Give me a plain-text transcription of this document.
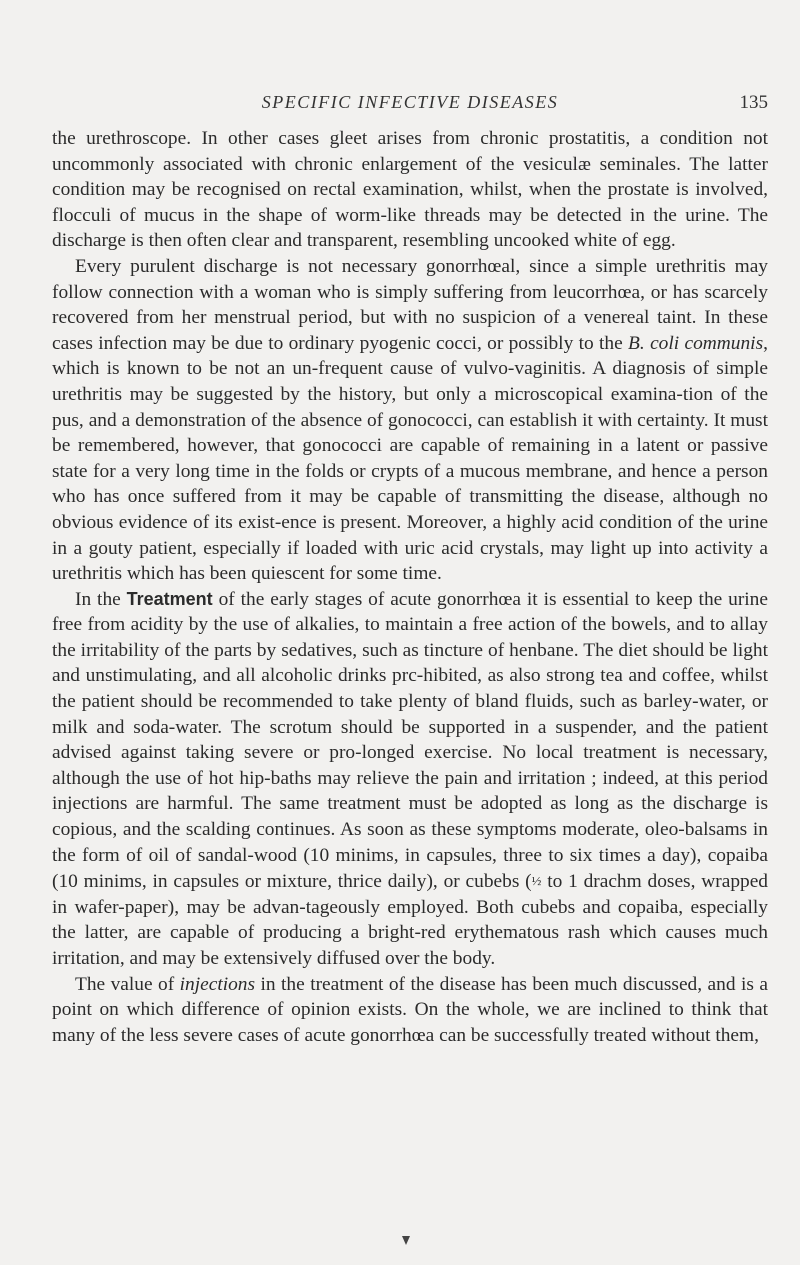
SPECIFIC INFECTIVE DISEASES	135

the urethroscope. In other cases gleet arises from chronic prostatitis, a condition not uncommonly associated with chronic enlargement of the vesiculæ seminales. The latter condition may be recognised on rectal examination, whilst, when the prostate is involved, flocculi of mucus in the shape of worm-like threads may be detected in the urine. The discharge is then often clear and transparent, resembling uncooked white of egg.

Every purulent discharge is not necessary gonorrhœal, since a simple urethritis may follow connection with a woman who is simply suffering from leucorrhœa, or has scarcely recovered from her menstrual period, but with no suspicion of a venereal taint. In these cases infection may be due to ordinary pyogenic cocci, or possibly to the B. coli communis, which is known to be not an un-frequent cause of vulvo-vaginitis. A diagnosis of simple urethritis may be suggested by the history, but only a microscopical examina-tion of the pus, and a demonstration of the absence of gonococci, can establish it with certainty. It must be remembered, however, that gonococci are capable of remaining in a latent or passive state for a very long time in the folds or crypts of a mucous membrane, and hence a person who has once suffered from it may be capable of transmitting the disease, although no obvious evidence of its exist-ence is present. Moreover, a highly acid condition of the urine in a gouty patient, especially if loaded with uric acid crystals, may light up into activity a urethritis which has been quiescent for some time.

In the Treatment of the early stages of acute gonorrhœa it is essential to keep the urine free from acidity by the use of alkalies, to maintain a free action of the bowels, and to allay the irritability of the parts by sedatives, such as tincture of henbane. The diet should be light and unstimulating, and all alcoholic drinks prc-hibited, as also strong tea and coffee, whilst the patient should be recommended to take plenty of bland fluids, such as barley-water, or milk and soda-water. The scrotum should be supported in a suspender, and the patient advised against taking severe or pro-longed exercise. No local treatment is necessary, although the use of hot hip-baths may relieve the pain and irritation ; indeed, at this period injections are harmful. The same treatment must be adopted as long as the discharge is copious, and the scalding continues. As soon as these symptoms moderate, oleo-balsams in the form of oil of sandal-wood (10 minims, in capsules, three to six times a day), copaiba (10 minims, in capsules or mixture, thrice daily), or cubebs (½ to 1 drachm doses, wrapped in wafer-paper), may be advan-tageously employed. Both cubebs and copaiba, especially the latter, are capable of producing a bright-red erythematous rash which causes much irritation, and may be extensively diffused over the body.

The value of injections in the treatment of the disease has been much discussed, and is a point on which difference of opinion exists. On the whole, we are inclined to think that many of the less severe cases of acute gonorrhœa can be successfully treated without them,
